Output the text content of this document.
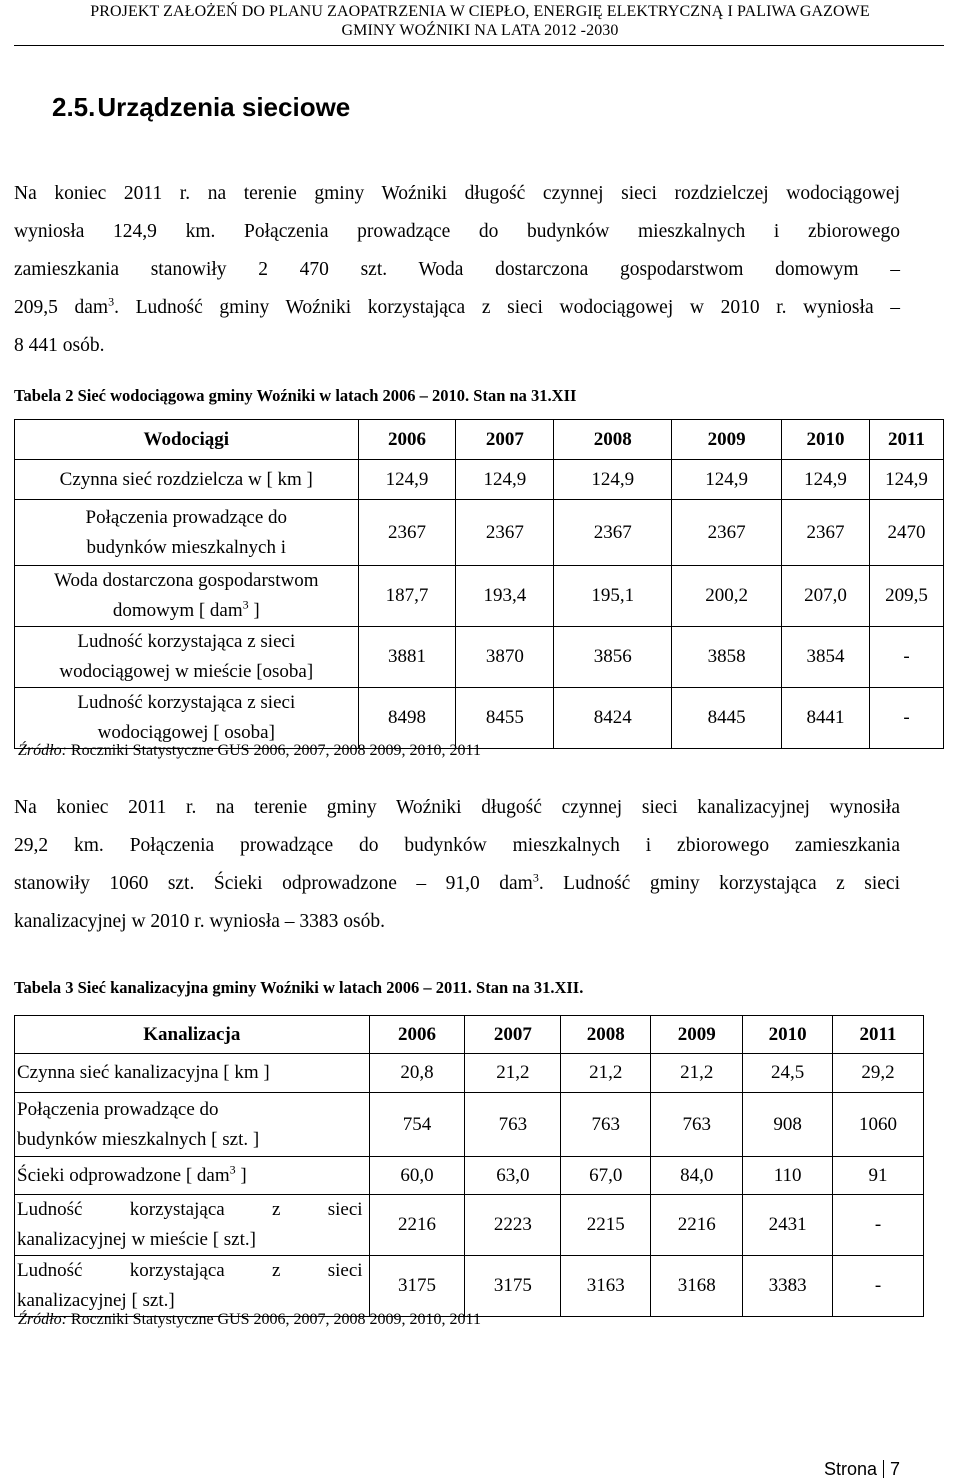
PROJEKT ZAŁOŻEŃ DO PLANU ZAOPATRZENIA W CIEPŁO, ENERGIĘ ELEKTRYCZNĄ I PALIWA GAZOWE
GMINY WOŹNIKI NA LATA 2012 -2030
2.5.Urządzenia sieciowe
Na koniec 2011 r. na terenie gminy Woźniki długość czynnej sieci rozdzielczej wodociągowej
wyniosła 124,9 km. Połączenia prowadzące do budynków mieszkalnych i zbiorowego
zamieszkania stanowiły 2 470 szt. Woda dostarczona gospodarstwom domowym –
209,5 dam$^3$. Ludność gminy Woźniki korzystająca z sieci wodociągowej w 2010 r. wyniosła –
8 441 osób.
Tabela 2 Sieć wodociągowa gminy Woźniki w latach 2006 – 2010. Stan na 31.XII
Wodociągi	2006	2007	2008	2009	2010	2011
Czynna sieć rozdzielcza w [ km ]	124,9	124,9	124,9	124,9	124,9	124,9
Połączenia prowadzące do
budynków mieszkalnych i	2367	2367	2367	2367	2367	2470
Woda dostarczona gospodarstwom
domowym [ dam$^3$ ]	187,7	193,4	195,1	200,2	207,0	209,5
Ludność korzystająca z sieci
wodociągowej w mieście [osoba]	3881	3870	3856	3858	3854	-
Ludność korzystająca z sieci
wodociągowej [ osoba]	8498	8455	8424	8445	8441	-
Źródło: Roczniki Statystyczne GUS 2006, 2007, 2008 2009, 2010, 2011
Na koniec 2011 r. na terenie gminy Woźniki długość czynnej sieci kanalizacyjnej wynosiła
29,2 km. Połączenia prowadzące do budynków mieszkalnych i zbiorowego zamieszkania
stanowiły 1060 szt. Ścieki odprowadzone – 91,0 dam$^3$. Ludność gminy korzystająca z sieci
kanalizacyjnej w 2010 r. wyniosła – 3383 osób.
Tabela 3 Sieć kanalizacyjna gminy Woźniki w latach 2006 – 2011. Stan na 31.XII.
Kanalizacja	2006	2007	2008	2009	2010	2011
Czynna sieć kanalizacyjna [ km ]	20,8	21,2	21,2	21,2	24,5	29,2
Połączenia prowadzące do
budynków mieszkalnych [ szt. ]	754	763	763	763	908	1060
Ścieki odprowadzone [ dam$^3$ ]	60,0	63,0	67,0	84,0	110	91

Ludność korzystająca z sieci
kanalizacyjnej w mieście [ szt.]	2216	2223	2215	2216	2431	-

Ludność korzystająca z sieci
kanalizacyjnej [ szt.]	3175	3175	3163	3168	3383	-
Źródło: Roczniki Statystyczne GUS 2006, 2007, 2008 2009, 2010, 2011
Strona 7
